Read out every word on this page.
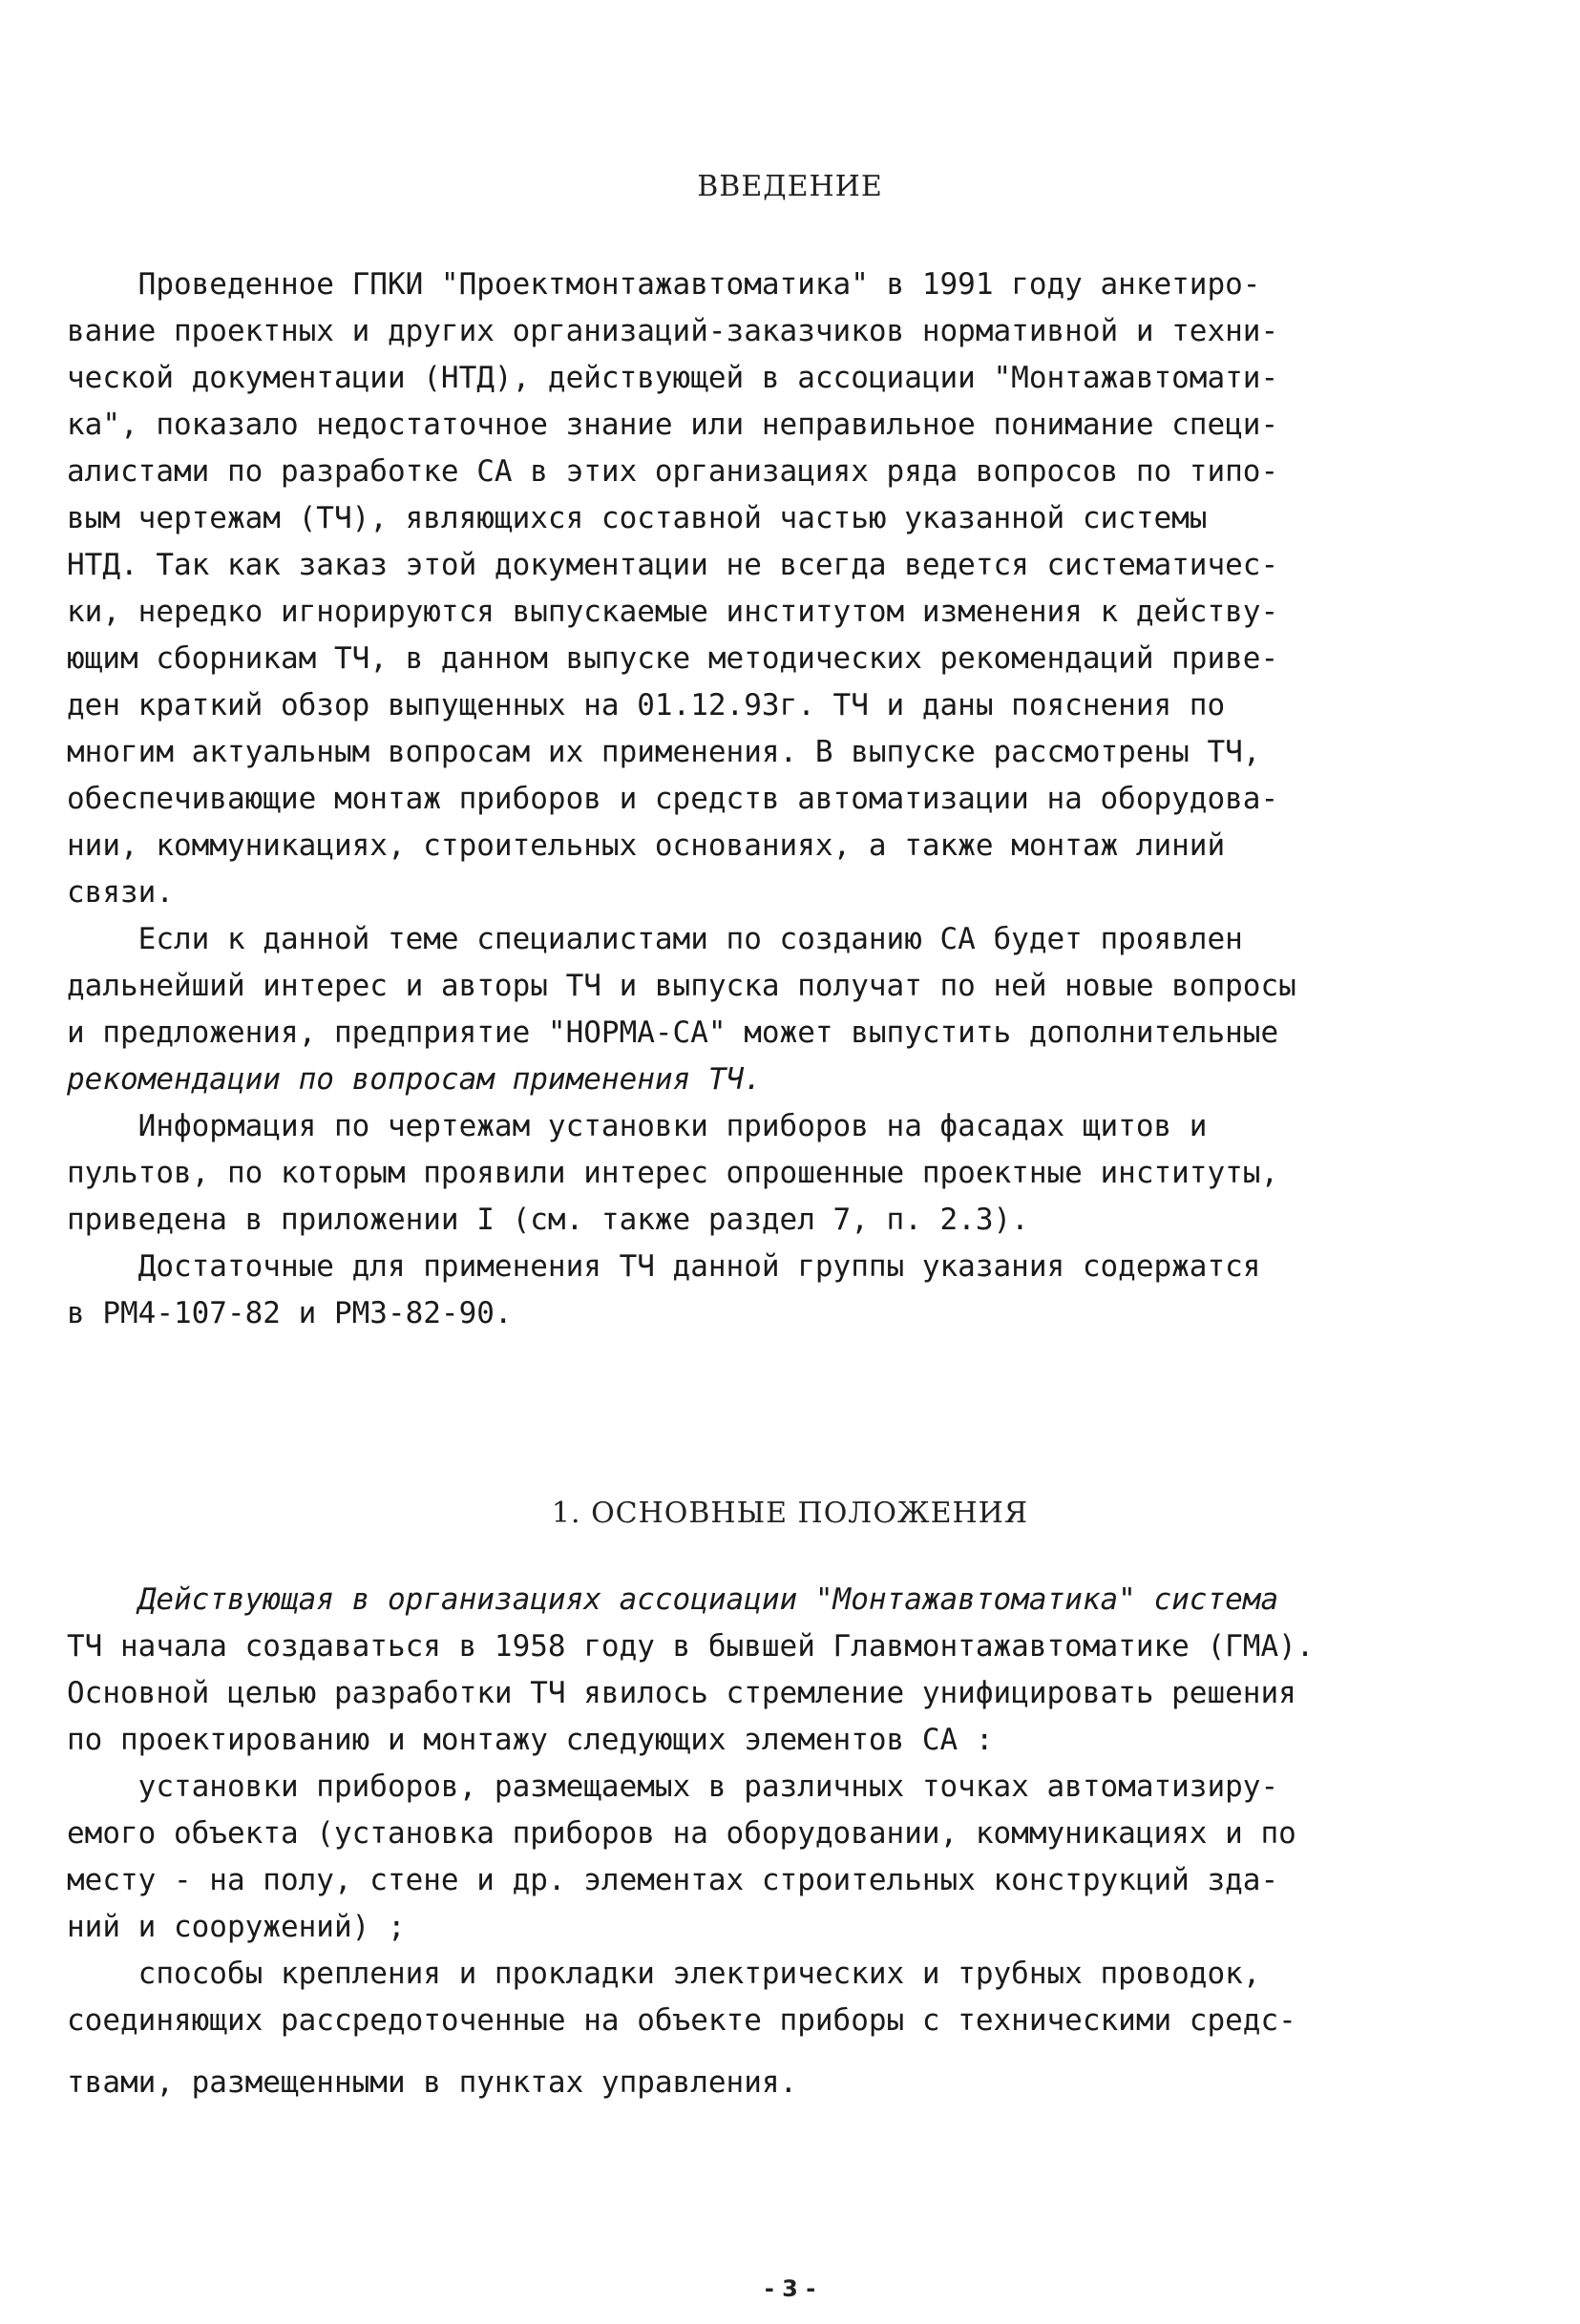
ВВЕДЕНИЕ
Проведенное ГПКИ "Проектмонтажавтоматика" в 1991 году анкетиро-
вание проектных и других организаций-заказчиков нормативной и техни-
ческой документации (НТД), действующей в ассоциации "Монтажавтомати-
ка", показало недостаточное знание или неправильное понимание специ-
алистами по разработке СА в этих организациях ряда вопросов по типо-
вым чертежам (ТЧ), являющихся составной частью указанной системы
НТД. Так как заказ этой документации не всегда ведется систематичес-
ки, нередко игнорируются выпускаемые институтом изменения к действу-
ющим сборникам ТЧ, в данном выпуске методических рекомендаций приве-
ден краткий обзор выпущенных на 01.12.93г. ТЧ и даны пояснения по
многим актуальным вопросам их применения. В выпуске рассмотрены ТЧ,
обеспечивающие монтаж приборов и средств автоматизации на оборудова-
нии, коммуникациях, строительных основаниях, а также монтаж линий
связи.
Если к данной теме специалистами по созданию СА будет проявлен
дальнейший интерес и авторы ТЧ и выпуска получат по ней новые вопросы
и предложения, предприятие "НОРМА-СА" может выпустить дополнительные
рекомендации по вопросам применения ТЧ.
Информация по чертежам установки приборов на фасадах щитов и
пультов, по которым проявили интерес опрошенные проектные институты,
приведена в приложении I (см. также раздел 7, п. 2.3).
Достаточные для применения ТЧ данной группы указания содержатся
в РМ4-107-82 и РМ3-82-90.
1. ОСНОВНЫЕ ПОЛОЖЕНИЯ
Действующая в организациях ассоциации "Монтажавтоматика" система
ТЧ начала создаваться в 1958 году в бывшей Главмонтажавтоматике (ГМА).
Основной целью разработки ТЧ явилось стремление унифицировать решения
по проектированию и монтажу следующих элементов СА :
установки приборов, размещаемых в различных точках автоматизиру-
емого объекта (установка приборов на оборудовании, коммуникациях и по
месту - на полу, стене и др. элементах строительных конструкций зда-
ний и сооружений) ;
способы крепления и прокладки электрических и трубных проводок,
соединяющих рассредоточенные на объекте приборы с техническими средс-
твами, размещенными в пунктах управления.
- 3 -
